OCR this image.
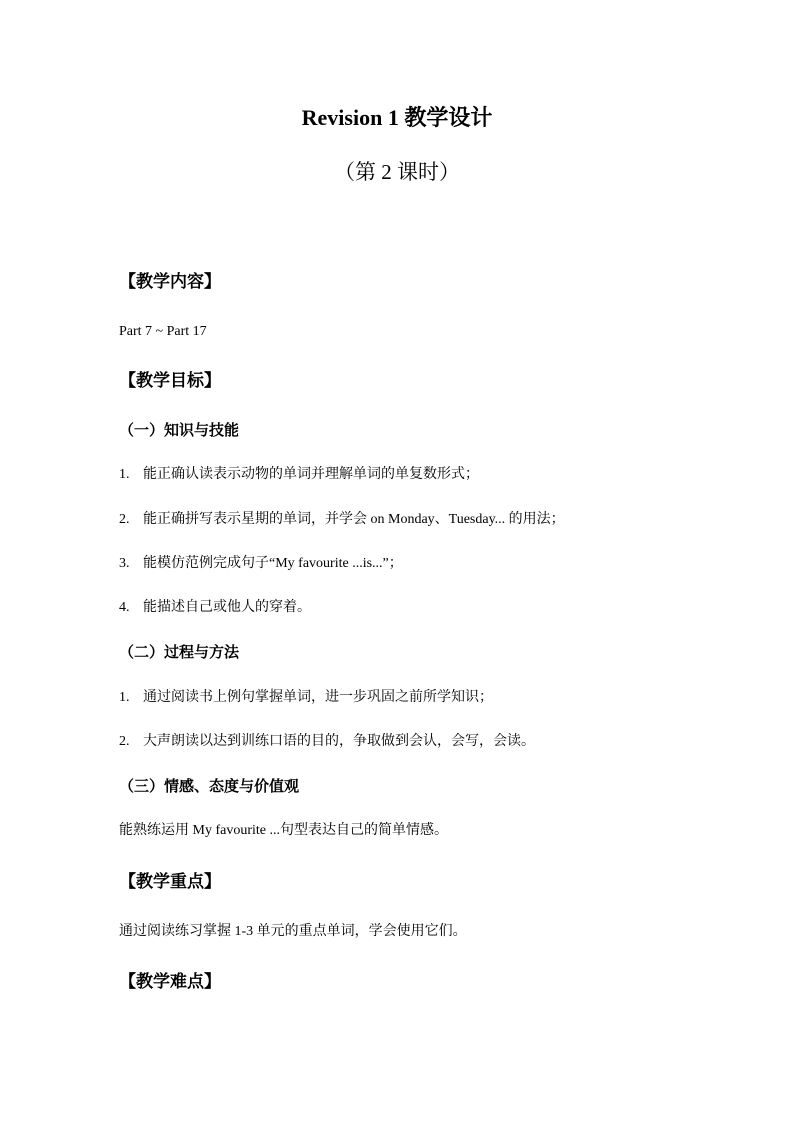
Revision 1 教学设计
（第 2 课时）
【教学内容】
Part 7 ~ Part 17
【教学目标】
（一）知识与技能
1. 能正确认读表示动物的单词并理解单词的单复数形式；
2. 能正确拼写表示星期的单词，并学会 on Monday、Tuesday... 的用法；
3. 能模仿范例完成句子“My favourite ...is...”；
4. 能描述自己或他人的穿着。
（二）过程与方法
1. 通过阅读书上例句掌握单词，进一步巩固之前所学知识；
2. 大声朗读以达到训练口语的目的，争取做到会认，会写，会读。
（三）情感、态度与价值观
能熟练运用 My favourite ...句型表达自己的简单情感。
【教学重点】
通过阅读练习掌握 1-3 单元的重点单词，学会使用它们。
【教学难点】
